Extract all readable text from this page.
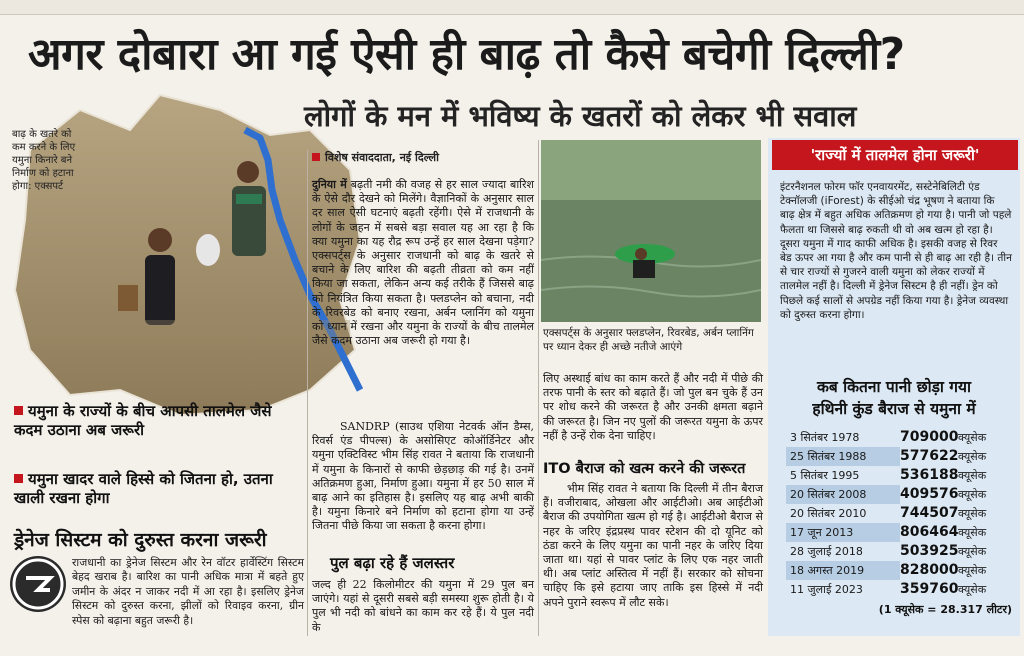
अगर दोबारा आ गई ऐसी ही बाढ़ तो कैसे बचेगी दिल्ली?
बाढ़ के खतरे को कम करने के लिए यमुना किनारे बने निर्माण को हटाना होगा: एक्सपर्ट
लोगों के मन में भविष्य के खतरों को लेकर भी सवाल
यमुना के राज्यों के बीच आपसी तालमेल जैसे कदम उठाना अब जरूरी
यमुना खादर वाले हिस्से को जितना हो, उतना खाली रखना होगा
ड्रेनेज सिस्टम को दुरुस्त करना जरूरी
राजधानी का ड्रेनेज सिस्टम और रेन वॉटर हार्वेस्टिंग सिस्टम बेहद खराब है। बारिश का पानी अधिक मात्रा में बहते हुए जमीन के अंदर न जाकर नदी में आ रहा है। इसलिए ड्रेनेज सिस्टम को दुरुस्त करना, झीलों को रिवाइव करना, ग्रीन स्पेस को बढ़ाना बहुत जरूरी है।
विशेष संवाददाता, नई दिल्ली
दुनिया में बढ़ती नमी की वजह से हर साल ज्यादा बारिश के ऐसे दौर देखने को मिलेंगे। वैज्ञानिकों के अनुसार साल दर साल ऐसी घटनाएं बढ़ती रहेंगी। ऐसे में राजधानी के लोगों के जहन में सबसे बड़ा सवाल यह आ रहा है कि क्या यमुना का यह रौद्र रूप उन्हें हर साल देखना पड़ेगा? एक्सपर्ट्स के अनुसार राजधानी को बाढ़ के खतरे से बचाने के लिए बारिश की बढ़ती तीव्रता को कम नहीं किया जा सकता, लेकिन अन्य कई तरीके हैं जिससे बाढ़ को नियंत्रित किया सकता है। फ्लडप्लेन को बचाना, नदी के रिवरबेड को बनाए रखना, अर्बन प्लानिंग को यमुना को ध्यान में रखना और यमुना के राज्यों के बीच तालमेल जैसे कदम उठाना अब जरूरी हो गया है।
SANDRP (साउथ एशिया नेटवर्क ऑन डैम्स, रिवर्स एंड पीपल्स) के असोसिएट कोऑर्डिनेटर और यमुना एक्टिविस्ट भीम सिंह रावत ने बताया कि राजधानी में यमुना के किनारों से काफी छेड़छाड़ की गई है। उनमें अतिक्रमण हुआ, निर्माण हुआ। यमुना में हर 50 साल में बाढ़ आने का इतिहास है। इसलिए यह बाढ़ अभी बाकी है। यमुना किनारे बने निर्माण को हटाना होगा या उन्हें जितना पीछे किया जा सकता है करना होगा।
पुल बढ़ा रहे हैं जलस्तर
जल्द ही 22 किलोमीटर की यमुना में 29 पुल बन जाएंगे। यहां से दूसरी सबसे बड़ी समस्या शुरू होती है। ये पुल भी नदी को बांधने का काम कर रहे हैं। ये पुल नदी के
एक्सपर्ट्स के अनुसार फ्लडप्लेन, रिवरबेड, अर्बन प्लानिंग पर ध्यान देकर ही अच्छे नतीजे आएंगे
लिए अस्थाई बांध का काम करते हैं और नदी में पीछे की तरफ पानी के स्तर को बढ़ाते हैं। जो पुल बन चुके हैं उन पर शोध करने की जरूरत है और उनकी क्षमता बढ़ाने की जरूरत है। जिन नए पुलों की जरूरत यमुना के ऊपर नहीं है उन्हें रोक देना चाहिए।
ITO बैराज को खत्म करने की जरूरत
भीम सिंह रावत ने बताया कि दिल्ली में तीन बैराज हैं। वजीराबाद, ओखला और आईटीओ। अब आईटीओ बैराज की उपयोगिता खत्म हो गई है। आईटीओ बैराज से नहर के जरिए इंद्रप्रस्थ पावर स्टेशन की दो यूनिट को ठंडा करने के लिए यमुना का पानी नहर के जरिए दिया जाता था। यहां से पावर प्लांट के लिए एक नहर जाती थी। अब प्लांट अस्तित्व में नहीं हैं। सरकार को सोचना चाहिए कि इसे हटाया जाए ताकि इस हिस्से में नदी अपने पुराने स्वरूप में लौट सके।
'राज्यों में तालमेल होना जरूरी'
इंटरनैशनल फोरम फॉर एनवायरमेंट, सस्टेनेबिलिटी एंड टेक्नॉलजी (iForest) के सीईओ चंद्र भूषण ने बताया कि बाढ़ क्षेत्र में बहुत अधिक अतिक्रमण हो गया है। पानी जो पहले फैलता था जिससे बाढ़ रुकती थी वो अब खत्म हो रहा है। दूसरा यमुना में गाद काफी अधिक है। इसकी वजह से रिवर बेड ऊपर आ गया है और कम पानी से ही बाढ़ आ रही है। तीन से चार राज्यों से गुजरने वाली यमुना को लेकर राज्यों में तालमेल नहीं है। दिल्ली में ड्रेनेज सिस्टम है ही नहीं। ड्रेन को पिछले कई सालों से अपग्रेड नहीं किया गया है। ड्रेनेज व्यवस्था को दुरुस्त करना होगा।
कब कितना पानी छोड़ा गया
हथिनी कुंड बैराज से यमुना में
3 सितंबर 1978	709000 क्यूसेक
25 सितंबर 1988	577622 क्यूसेक
5 सितंबर 1995	536188 क्यूसेक
20 सितंबर 2008	409576 क्यूसेक
20 सितंबर 2010	744507 क्यूसेक
17 जून 2013	806464 क्यूसेक
28 जुलाई 2018	503925 क्यूसेक
18 अगस्त 2019	828000 क्यूसेक
11 जुलाई 2023	359760 क्यूसेक
(1 क्यूसेक = 28.317 लीटर)
